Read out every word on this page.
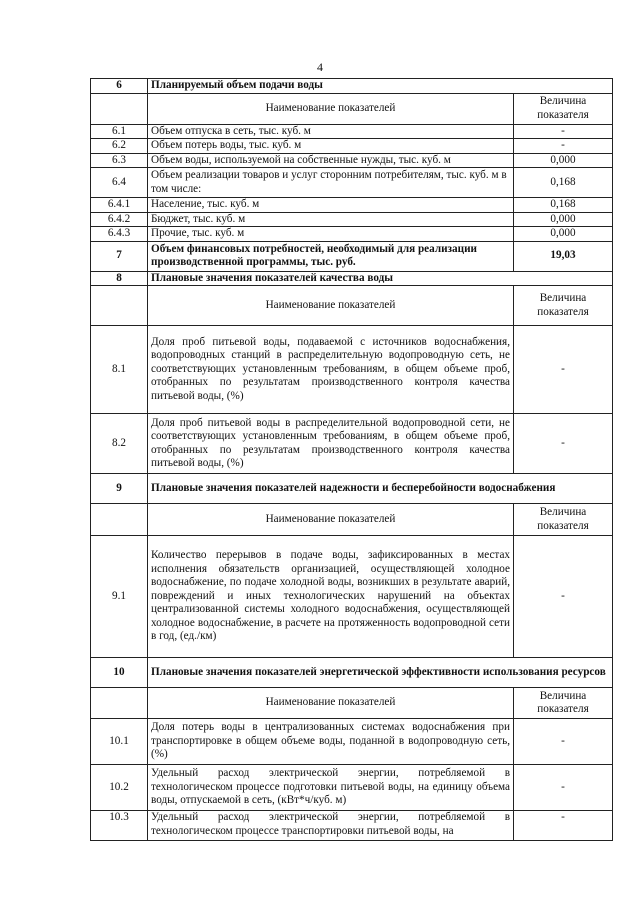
4
6	Планируемый объем подачи воды	
	Наименование показателей	Величина показателя
6.1	Объем отпуска в сеть, тыс. куб. м	-
6.2	Объем потерь воды, тыс. куб. м	-
6.3	Объем воды, используемой на собственные нужды, тыс. куб. м	0,000
6.4	Объем реализации товаров и услуг сторонним потребителям, тыс. куб. м в том числе:	0,168
6.4.1	Население, тыс. куб. м	0,168
6.4.2	Бюджет, тыс. куб. м	0,000
6.4.3	Прочие, тыс. куб. м	0,000
7	Объем финансовых потребностей, необходимый для реализации производственной программы, тыс. руб.	19,03
8	Плановые значения показателей качества воды	
	Наименование показателей	Величина показателя
8.1	Доля проб питьевой воды, подаваемой с источников водоснабжения, водопроводных станций в распределительную водопроводную сеть, не соответствующих установленным требованиям, в общем объеме проб, отобранных по результатам производственного контроля качества питьевой воды, (%)	-
8.2	Доля проб питьевой воды в распределительной водопроводной сети, не соответствующих установленным требованиям, в общем объеме проб, отобранных по результатам производственного контроля качества питьевой воды, (%)	-
9	Плановые значения показателей надежности и бесперебойности водоснабжения	
	Наименование показателей	Величина показателя
9.1	Количество перерывов в подаче воды, зафиксированных в местах исполнения обязательств организацией, осуществляющей холодное водоснабжение, по подаче холодной воды, возникших в результате аварий, повреждений и иных технологических нарушений на объектах централизованной системы холодного водоснабжения, осуществляющей холодное водоснабжение, в расчете на протяженность водопроводной сети в год, (ед./км)	-
10	Плановые значения показателей энергетической эффективности использования ресурсов	
	Наименование показателей	Величина показателя
10.1	Доля потерь воды в централизованных системах водоснабжения при транспортировке в общем объеме воды, поданной в водопроводную сеть, (%)	-
10.2	Удельный расход электрической энергии, потребляемой в технологическом процессе подготовки питьевой воды, на единицу объема воды, отпускаемой в сеть, (кВт*ч/куб. м)	-
10.3	Удельный расход электрической энергии, потребляемой в технологическом процессе транспортировки питьевой воды, на	-
